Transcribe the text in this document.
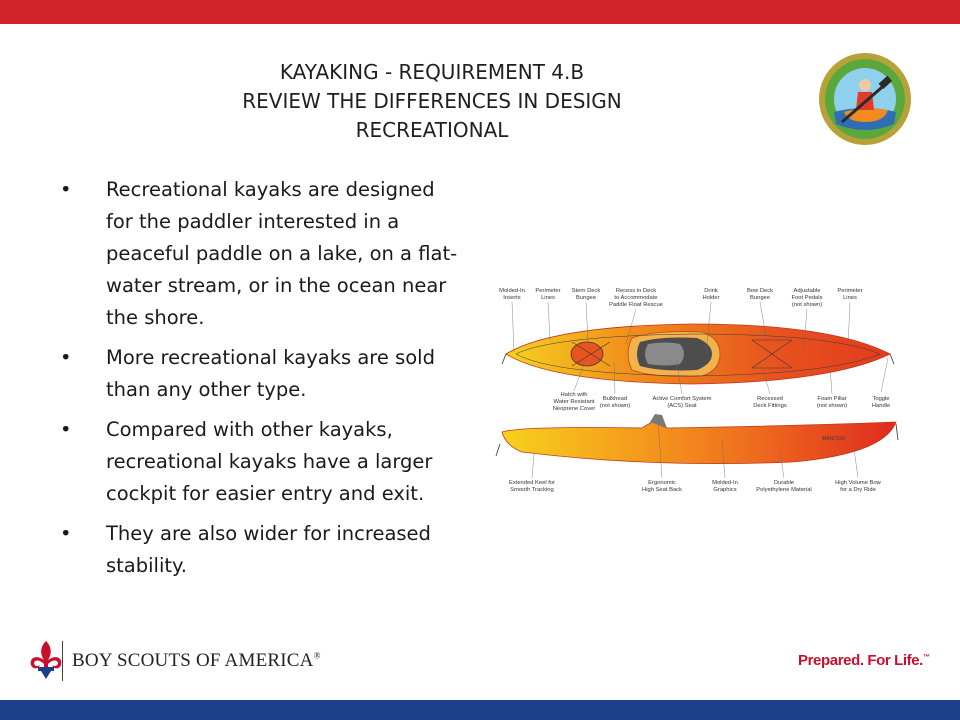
KAYAKING - REQUIREMENT 4.B
REVIEW THE DIFFERENCES IN DESIGN
RECREATIONAL
• Recreational kayaks are designed for the paddler interested in a peaceful paddle on a lake, on a flat-water stream, or in the ocean near the shore.
• More recreational kayaks are sold than any other type.
• Compared with other kayaks, recreational kayaks have a larger cockpit for easier entry and exit.
• They are also wider for increased stability.
MANITOU
Molded-In Inserts
Perimeter Lines
Stern Deck Bungee
Recess in Deck to Accommodate Paddle Float Rescue
Drink Holder
Bow Deck Bungee
Adjustable Foot Pedals (not shown)
Perimeter Lines
Hatch with Water Resistant Neoprene Cover
Bulkhead (not shown)
Active Comfort System (ACS) Seat
Recessed Deck Fittings
Foam Pillar (not shown)
Toggle Handle
Extended Keel for Smooth Tracking
Ergonomic High Seat Back
Molded-In Graphics
Durable Polyethylene Material
High Volume Bow for a Dry Ride
BOY SCOUTS OF AMERICA®	Prepared. For Life.™
